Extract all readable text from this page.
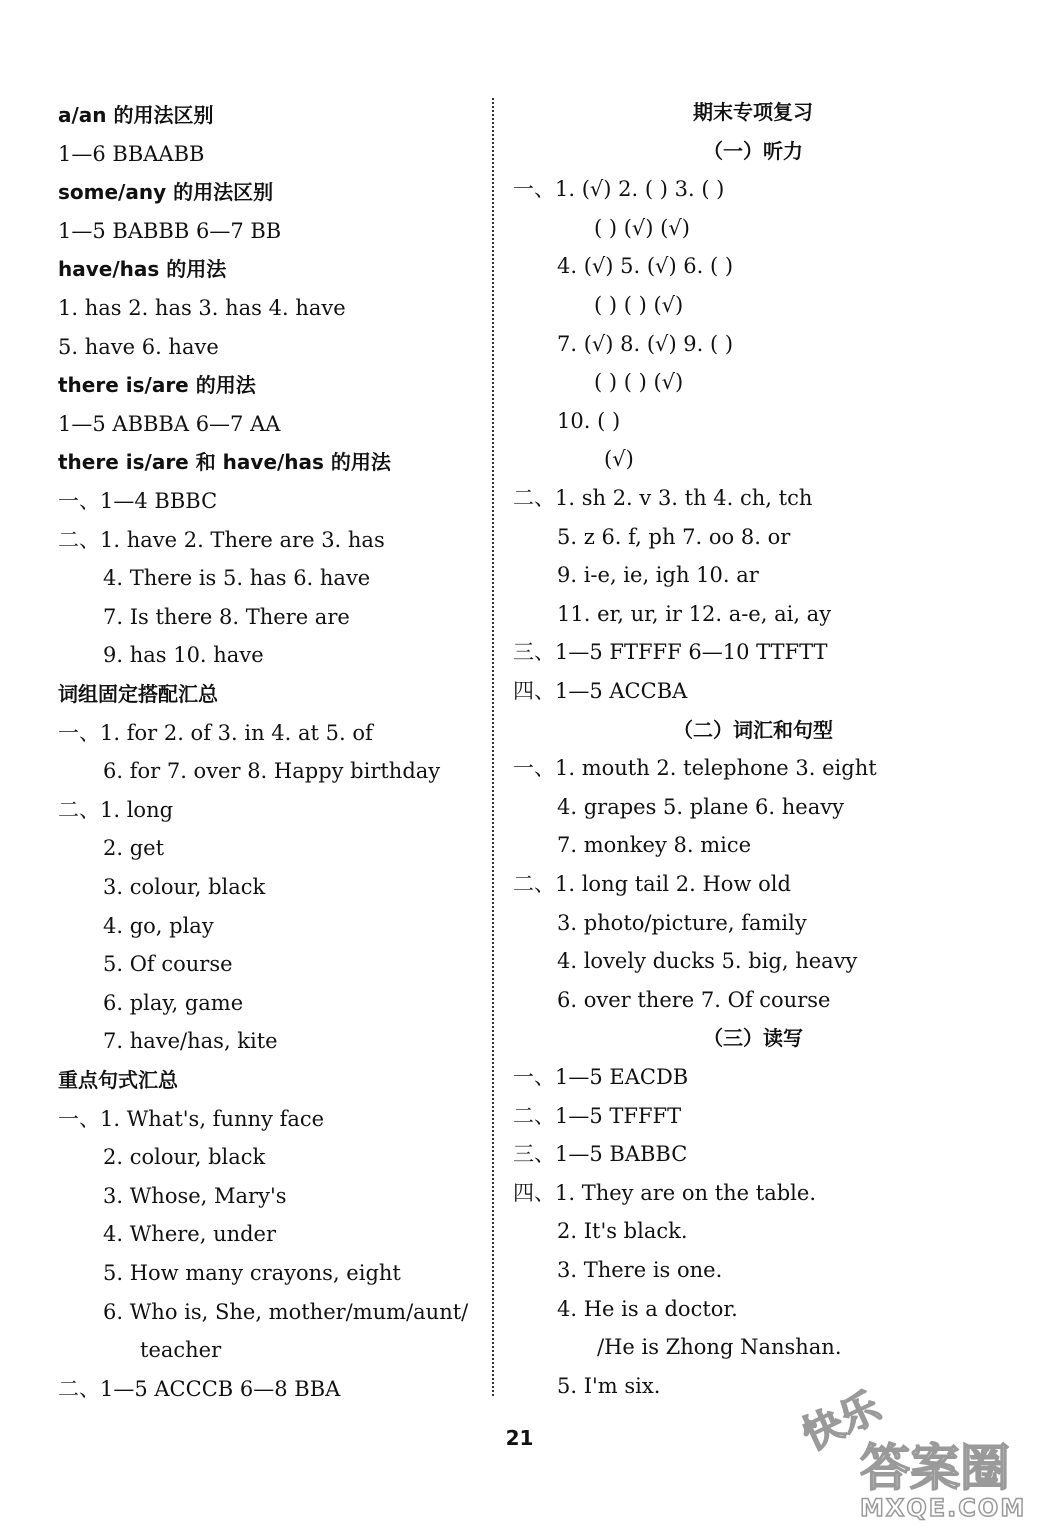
a/an 的用法区别
1—6 BBAABB
some/any 的用法区别
1—5 BABBB 6—7 BB
have/has 的用法
1. has 2. has 3. has 4. have
5. have 6. have
there is/are 的用法
1—5 ABBBA 6—7 AA
there is/are 和 have/has 的用法
一、1—4 BBBC
二、1. have 2. There are 3. has
4. There is 5. has 6. have
7. Is there 8. There are
9. has 10. have
词组固定搭配汇总
一、1. for 2. of 3. in 4. at 5. of
6. for 7. over 8. Happy birthday
二、1. long
2. get
3. colour, black
4. go, play
5. Of course
6. play, game
7. have/has, kite
重点句式汇总
一、1. What's, funny face
2. colour, black
3. Whose, Mary's
4. Where, under
5. How many crayons, eight
6. Who is, She, mother/mum/aunt/
teacher
二、1—5 ACCCB 6—8 BBA
期末专项复习
（一）听力
一、1. (√) 2. ( ) 3. ( )
( ) (√) (√)
4. (√) 5. (√) 6. ( )
( ) ( ) (√)
7. (√) 8. (√) 9. ( )
( ) ( ) (√)
10. ( )
(√)
二、1. sh 2. v 3. th 4. ch, tch
5. z 6. f, ph 7. oo 8. or
9. i-e, ie, igh 10. ar
11. er, ur, ir 12. a-e, ai, ay
三、1—5 FTFFF 6—10 TTFTT
四、1—5 ACCBA
（二）词汇和句型
一、1. mouth 2. telephone 3. eight
4. grapes 5. plane 6. heavy
7. monkey 8. mice
二、1. long tail 2. How old
3. photo/picture, family
4. lovely ducks 5. big, heavy
6. over there 7. Of course
（三）读写
一、1—5 EACDB
二、1—5 TFFFT
三、1—5 BABBC
四、1. They are on the table.
2. It's black.
3. There is one.
4. He is a doctor.
/He is Zhong Nanshan.
5. I'm six.
21	快乐
答案圈
MXQE.COM
